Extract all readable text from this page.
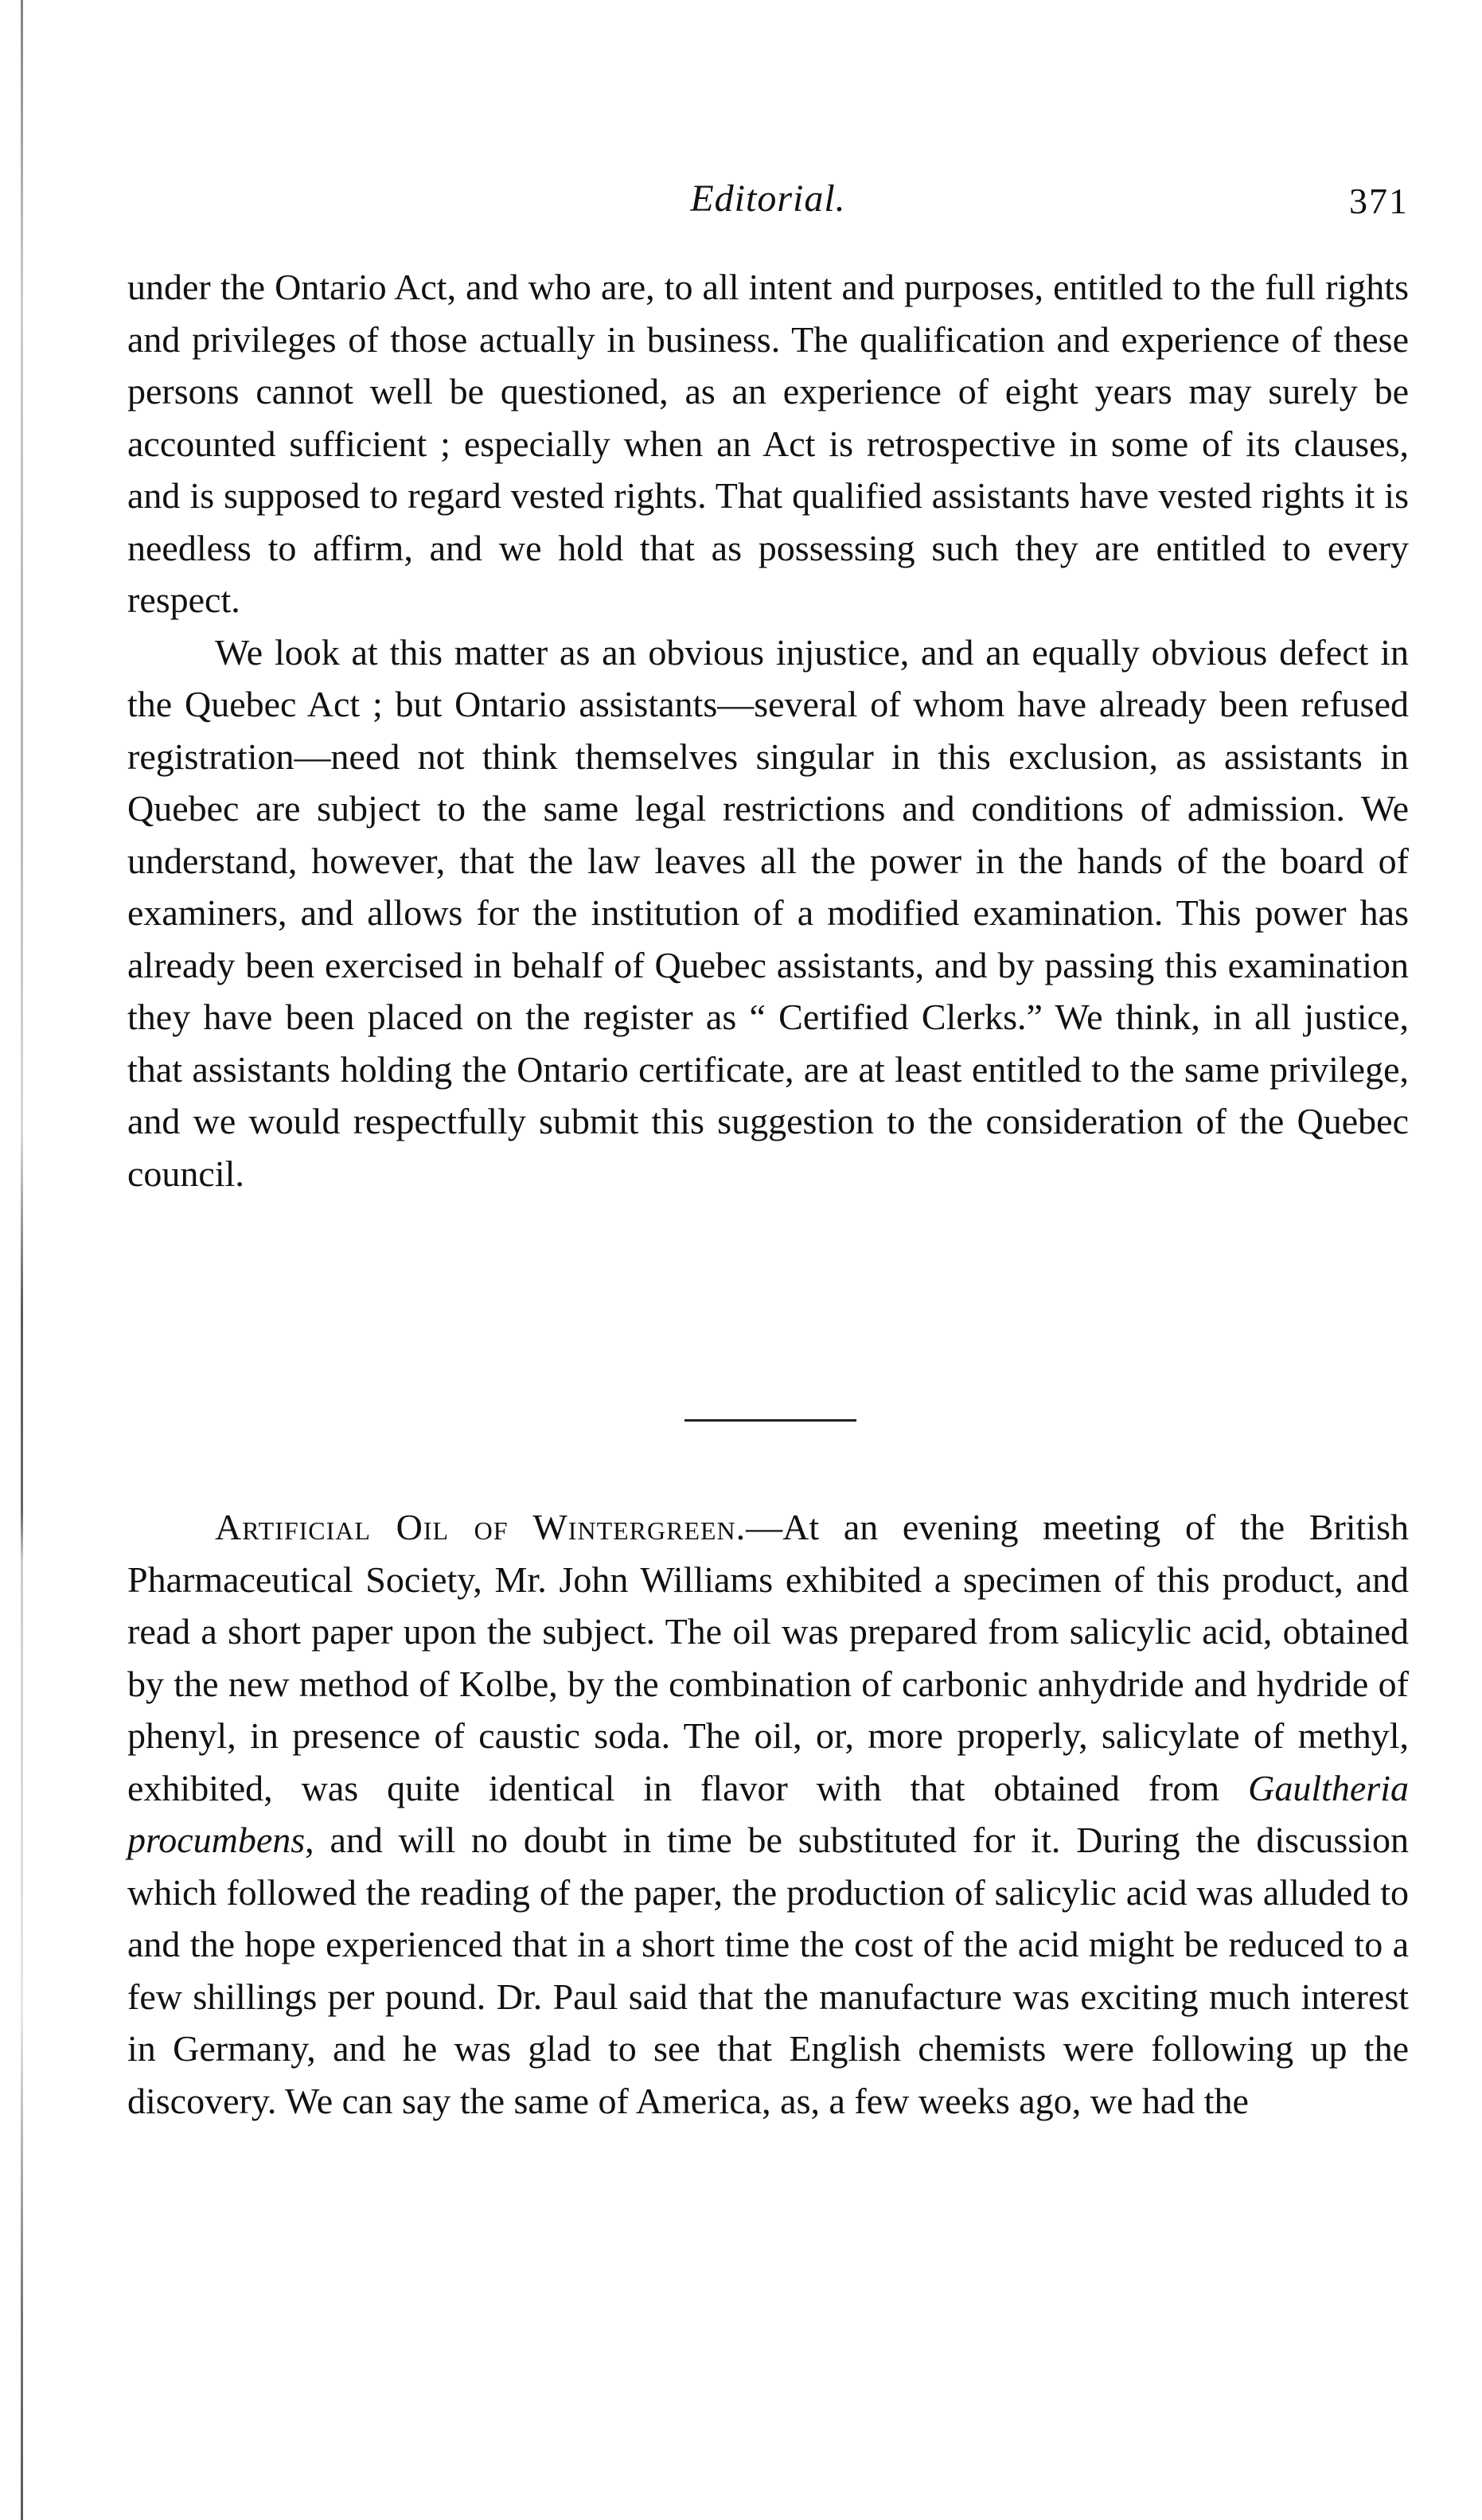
Editorial.	371

under the Ontario Act, and who are, to all intent and purposes, entitled to the full rights and privileges of those actually in business. The qualification and experience of these persons cannot well be questioned, as an experience of eight years may surely be accounted sufficient ; especially when an Act is retrospective in some of its clauses, and is supposed to regard vested rights. That qualified assistants have vested rights it is needless to affirm, and we hold that as possessing such they are entitled to every respect.

We look at this matter as an obvious injustice, and an equally obvious defect in the Quebec Act ; but Ontario assistants—several of whom have already been refused registration—need not think themselves singular in this exclusion, as assistants in Quebec are subject to the same legal restrictions and conditions of admission. We understand, however, that the law leaves all the power in the hands of the board of examiners, and allows for the institution of a modified examination. This power has already been exercised in behalf of Quebec assistants, and by passing this examination they have been placed on the register as “ Certified Clerks.” We think, in all justice, that assistants holding the Ontario certificate, are at least entitled to the same privilege, and we would respectfully submit this suggestion to the consideration of the Quebec council.

Artificial Oil of Wintergreen.—At an evening meeting of the British Pharmaceutical Society, Mr. John Williams exhibited a specimen of this product, and read a short paper upon the subject. The oil was prepared from salicylic acid, obtained by the new method of Kolbe, by the combination of carbonic anhydride and hydride of phenyl, in presence of caustic soda. The oil, or, more properly, salicylate of methyl, exhibited, was quite identical in flavor with that obtained from Gaultheria procumbens, and will no doubt in time be substituted for it. During the discussion which followed the reading of the paper, the production of salicylic acid was alluded to and the hope experienced that in a short time the cost of the acid might be reduced to a few shillings per pound. Dr. Paul said that the manufacture was exciting much interest in Germany, and he was glad to see that English chemists were following up the discovery. We can say the same of America, as, a few weeks ago, we had the
